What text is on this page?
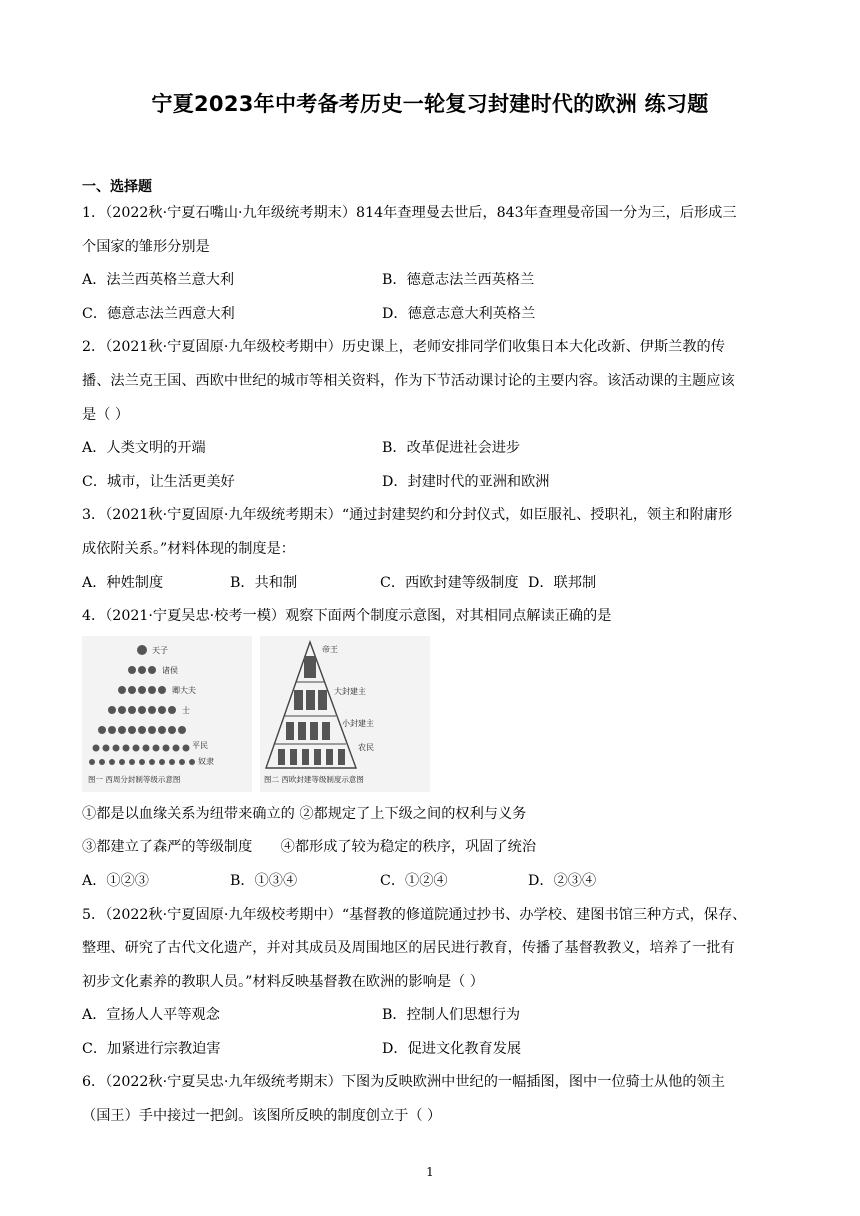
宁夏2023年中考备考历史一轮复习封建时代的欧洲 练习题
一、选择题
1．（2022秋·宁夏石嘴山·九年级统考期末）814年查理曼去世后，843年查理曼帝国一分为三，后形成三
个国家的雏形分别是
A．法兰西英格兰意大利	B．德意志法兰西英格兰
C．德意志法兰西意大利	D．德意志意大利英格兰
2．（2021秋·宁夏固原·九年级校考期中）历史课上，老师安排同学们收集日本大化改新、伊斯兰教的传
播、法兰克王国、西欧中世纪的城市等相关资料，作为下节活动课讨论的主要内容。该活动课的主题应该
是（ ）
A．人类文明的开端	B．改革促进社会进步
C．城市，让生活更美好	D．封建时代的亚洲和欧洲
3．（2021秋·宁夏固原·九年级统考期末）“通过封建契约和分封仪式，如臣服礼、授职礼，领主和附庸形
成依附关系。”材料体现的制度是：
A．种姓制度	B．共和制	C．西欧封建等级制度 D．联邦制
4．（2021·宁夏吴忠·校考一模）观察下面两个制度示意图，对其相同点解读正确的是
天子
诸侯
卿大夫
士
平民
奴隶
图一 西周分封制等级示意图
帝王
大封建主
小封建主
农民
图二 西欧封建等级制度示意图
①都是以血缘关系为纽带来确立的 ②都规定了上下级之间的权利与义务
③都建立了森严的等级制度　　④都形成了较为稳定的秩序，巩固了统治
A．①②③	B．①③④	C．①②④	D．②③④
5．（2022秋·宁夏固原·九年级校考期中）“基督教的修道院通过抄书、办学校、建图书馆三种方式，保存、
整理、研究了古代文化遗产，并对其成员及周围地区的居民进行教育，传播了基督教教义，培养了一批有
初步文化素养的教职人员。”材料反映基督教在欧洲的影响是（ ）
A．宣扬人人平等观念	B．控制人们思想行为
C．加紧进行宗教迫害	D．促进文化教育发展
6．（2022秋·宁夏吴忠·九年级统考期末）下图为反映欧洲中世纪的一幅插图，图中一位骑士从他的领主
（国王）手中接过一把剑。该图所反映的制度创立于（ ）
1
